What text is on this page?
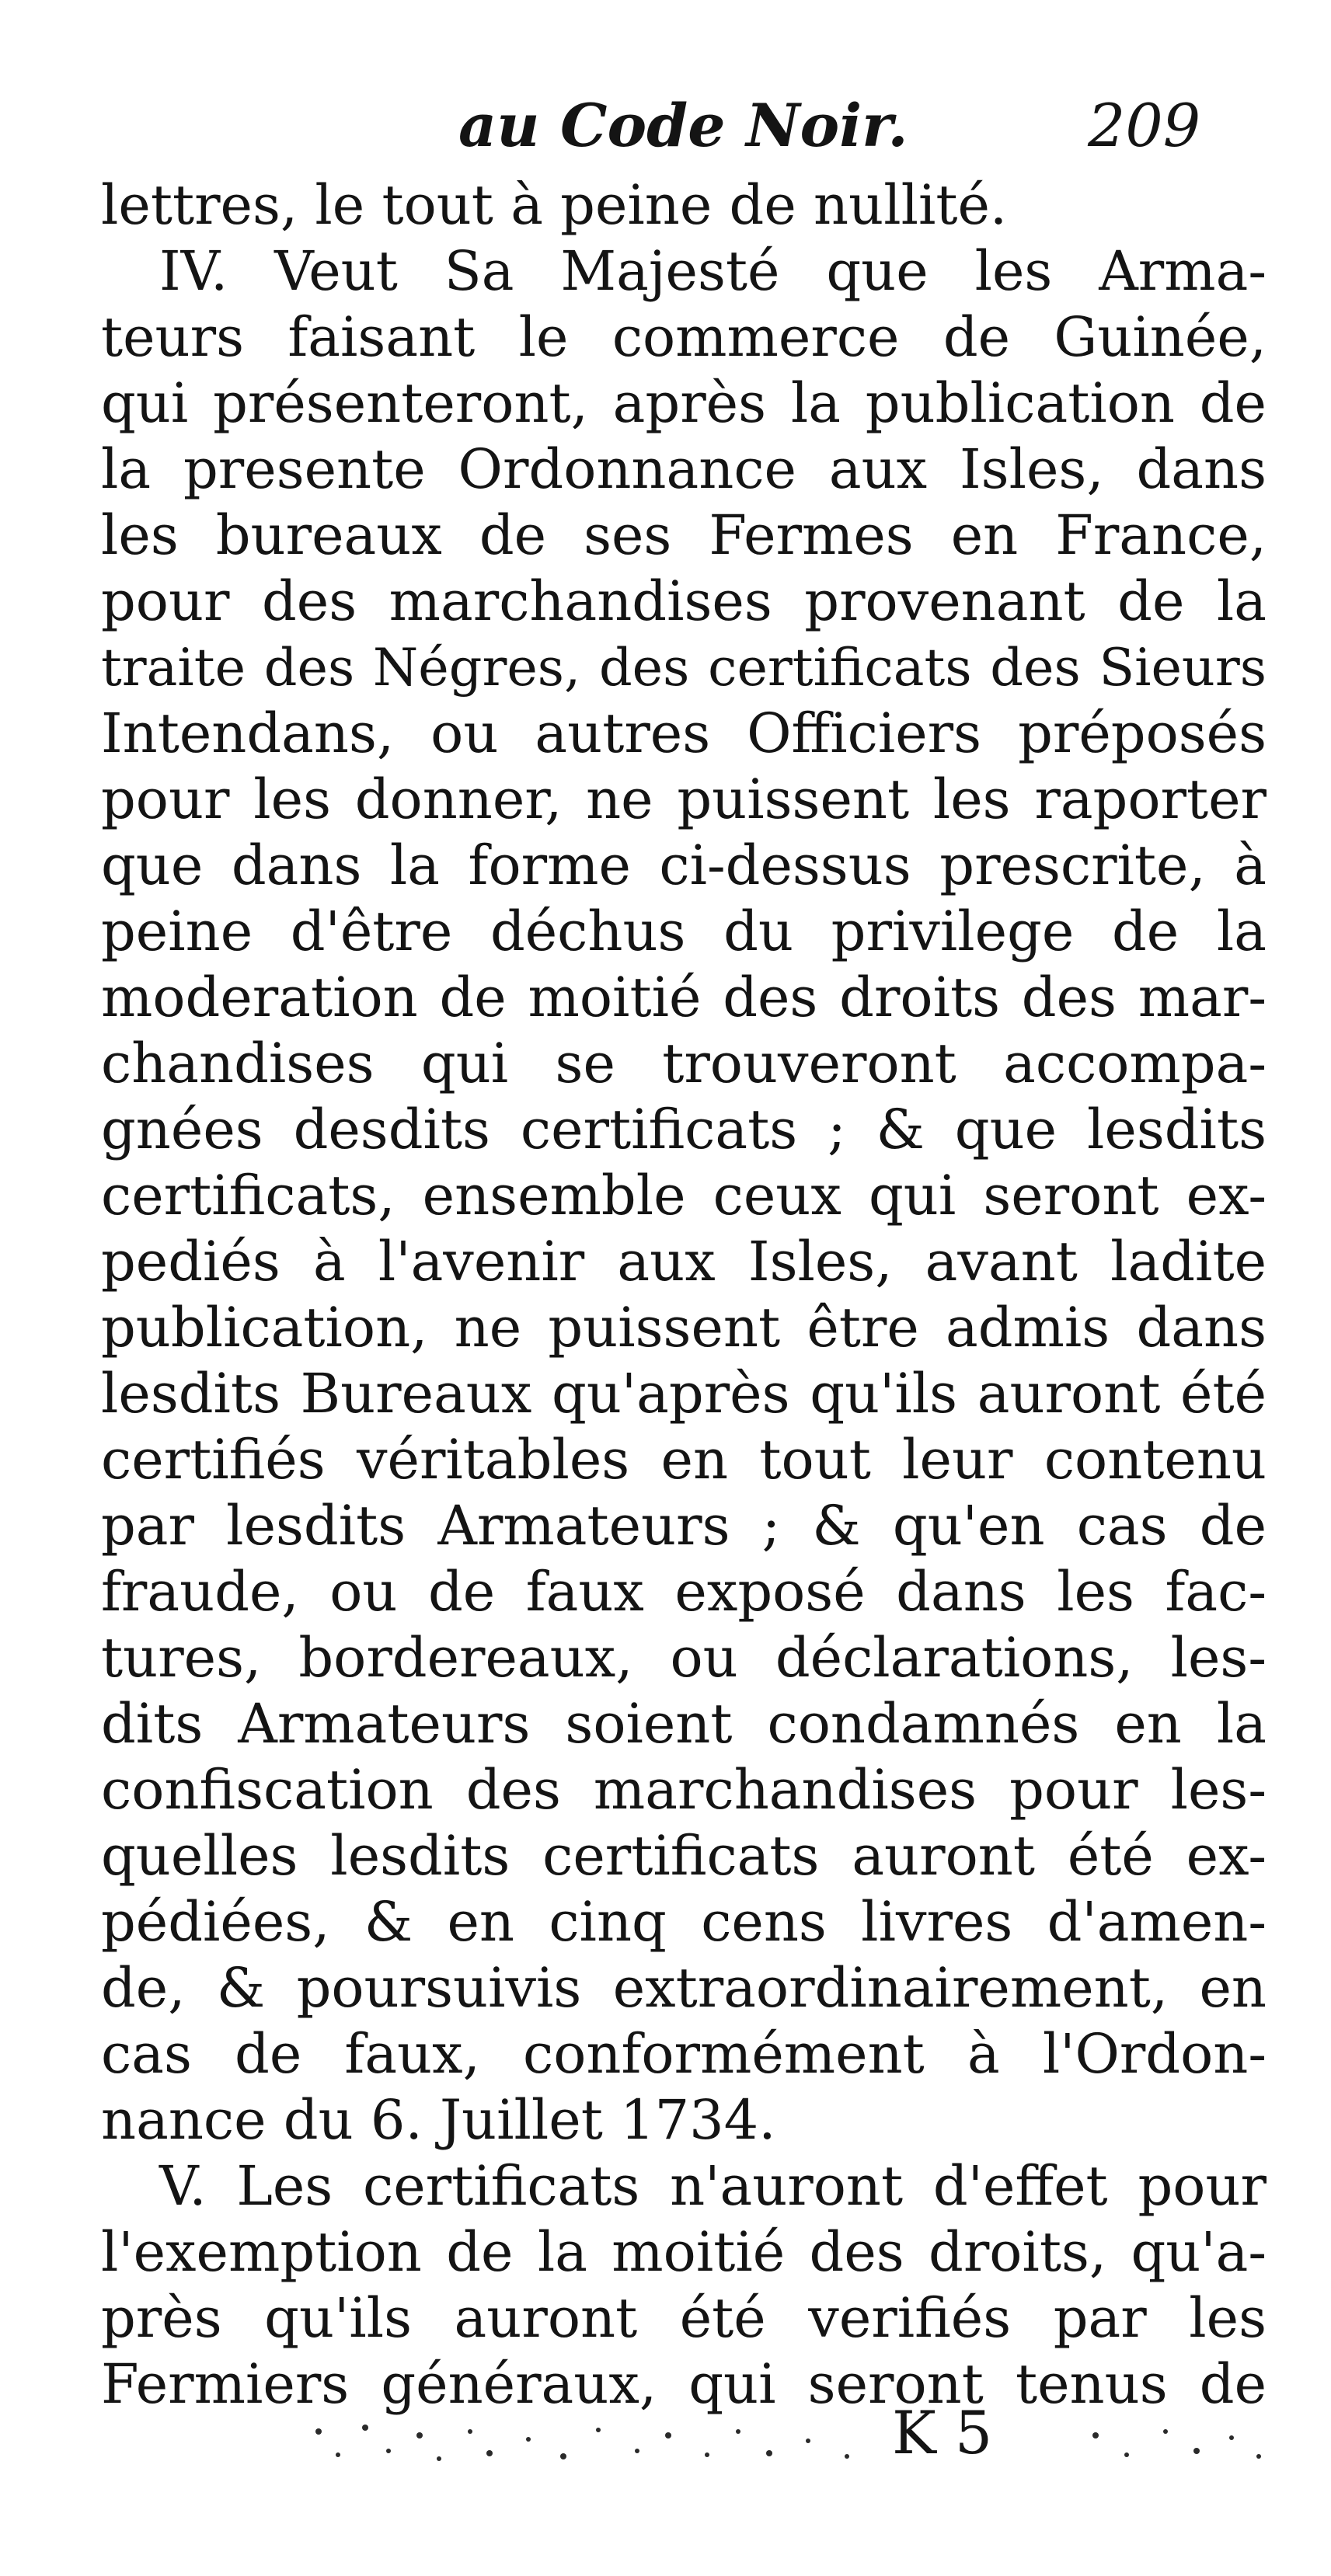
au Code Noir.	209
lettres, le tout à peine de nullité.
IV. Veut Sa Majesté que les Arma-
teurs faisant le commerce de Guinée,
qui présenteront, après la publication de
la presente Ordonnance aux Isles, dans
les bureaux de ses Fermes en France,
pour des marchandises provenant de la
traite des Négres, des certificats des Sieurs
Intendans, ou autres Officiers préposés
pour les donner, ne puissent les raporter
que dans la forme ci-dessus prescrite, à
peine d'être déchus du privilege de la
moderation de moitié des droits des mar-
chandises qui se trouveront accompa-
gnées desdits certificats ; & que lesdits
certificats, ensemble ceux qui seront ex-
pediés à l'avenir aux Isles, avant ladite
publication, ne puissent être admis dans
lesdits Bureaux qu'après qu'ils auront été
certifiés véritables en tout leur contenu
par lesdits Armateurs ; & qu'en cas de
fraude, ou de faux exposé dans les fac-
tures, bordereaux, ou déclarations, les-
dits Armateurs soient condamnés en la
confiscation des marchandises pour les-
quelles lesdits certificats auront été ex-
pédiées, & en cinq cens livres d'amen-
de, & poursuivis extraordinairement, en
cas de faux, conformément à l'Ordon-
nance du 6. Juillet 1734.
V. Les certificats n'auront d'effet pour
l'exemption de la moitié des droits, qu'a-
près qu'ils auront été verifiés par les
Fermiers généraux, qui seront tenus de
K 5
